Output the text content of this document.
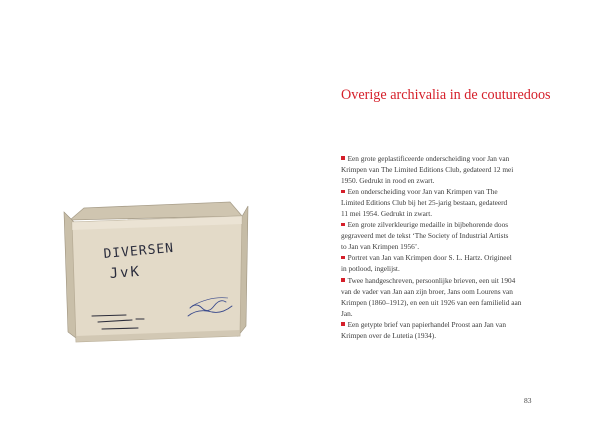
DIVERSEN
JvK
Overige archivalia in de couturedoos
Een grote geplastificeerde onderscheiding voor Jan van
Krimpen van The Limited Editions Club, gedateerd 12 mei
1950. Gedrukt in rood en zwart.
Een onderscheiding voor Jan van Krimpen van The
Limited Editions Club bij het 25-jarig bestaan, gedateerd
11 mei 1954. Gedrukt in zwart.
Een grote zilverkleurige medaille in bijbehorende doos
gegraveerd met de tekst ‘The Society of Industrial Artists
to Jan van Krimpen 1956’.
Portret van Jan van Krimpen door S. L. Hartz. Origineel
in potlood, ingelijst.
Twee handgeschreven, persoonlijke brieven, een uit 1904
van de vader van Jan aan zijn broer, Jans oom Lourens van
Krimpen (1860–1912), en een uit 1926 van een familielid aan
Jan.
Een getypte brief van papierhandel Proost aan Jan van
Krimpen over de Lutetia (1934).
83
